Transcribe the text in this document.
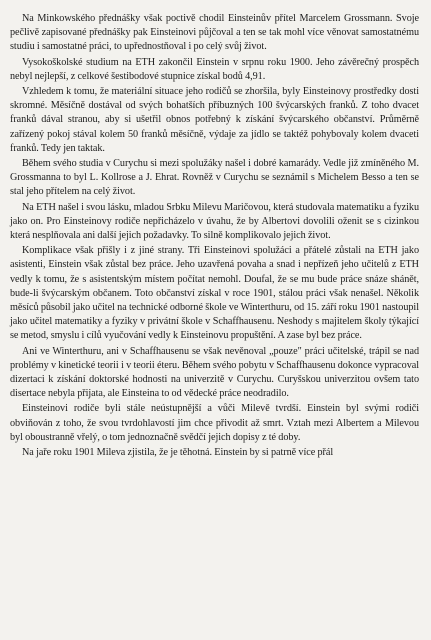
Na Minkowského přednášky však poctivě chodil Einsteinův přítel Marcelem Grossmann. Svoje pečlivě zapisované přednášky pak Einsteinovi půjčoval a ten se tak mohl více věnovat samostatnému studiu i samostatné práci, to upřednostňoval i po celý svůj život.

Vysokoškolské studium na ETH zakončil Einstein v srpnu roku 1900. Jeho závěrečný prospěch nebyl nejlepší, z celkové šestibodové stupnice získal bodů 4,91.

Vzhledem k tomu, že materiální situace jeho rodičů se zhoršila, byly Einsteinovy prostředky dosti skromné. Měsíčně dostával od svých bohatších příbuzných 100 švýcarských franků. Z toho dvacet franků dával stranou, aby si ušetřil obnos potřebný k získání švýcarského občanství. Průměrně zařízený pokoj stával kolem 50 franků měsíčně, výdaje za jídlo se taktéž pohybovaly kolem dvaceti franků. Tedy jen taktak.

Během svého studia v Curychu si mezi spolužáky našel i dobré kamarády. Vedle již zmíněného M. Grossmanna to byl L. Kollrose a J. Ehrat. Rovněž v Curychu se seznámil s Michelem Besso a ten se stal jeho přítelem na celý život.

Na ETH našel i svou lásku, mladou Srbku Milevu Maričovou, která studovala matematiku a fyziku jako on. Pro Einsteinovy rodiče nepřicházelo v úvahu, že by Albertovi dovolili oženit se s cizinkou která nesplňovala ani další jejich požadavky. To silně komplikovalo jejich život.

Komplikace však přišly i z jiné strany. Tři Einsteinovi spolužáci a přátelé zůstali na ETH jako asistenti, Einstein však zůstal bez práce. Jeho uzavřená povaha a snad i nepřízeň jeho učitelů z ETH vedly k tomu, že s asistentským místem počítat nemohl. Doufal, že se mu bude práce snáze shánět, bude-li švýcarským občanem. Toto občanství získal v roce 1901, stálou práci však nenašel. Několik měsíců působil jako učitel na technické odborné škole ve Winterthuru, od 15. září roku 1901 nastoupil jako učitel matematiky a fyziky v privátní škole v Schaffhausenu. Neshody s majitelem školy týkající se metod, smyslu i cílů vyučování vedly k Einsteinovu propuštění. A zase byl bez práce.

Ani ve Winterthuru, ani v Schaffhausenu se však nevěnoval „pouze" práci učitelské, trápil se nad problémy v kinetické teorii i v teorii éteru. Během svého pobytu v Schaffhausenu dokonce vypracoval dizertaci k získání doktorské hodnosti na univerzitě v Curychu. Curyšskou univerzitou ovšem tato disertace nebyla přijata, ale Einsteina to od vědecké práce neodradilo.

Einsteinovi rodiče byli stále neústupnější a vůči Milevě tvrdší. Einstein byl svými rodiči obviňován z toho, že svou tvrdohlavostí jim chce přivodit až smrt. Vztah mezi Albertem a Milevou byl oboustranně vřelý, o tom jednoznačně svědčí jejich dopisy z té doby.

Na jaře roku 1901 Mileva zjistila, že je těhotná. Einstein by si patrně více přál
